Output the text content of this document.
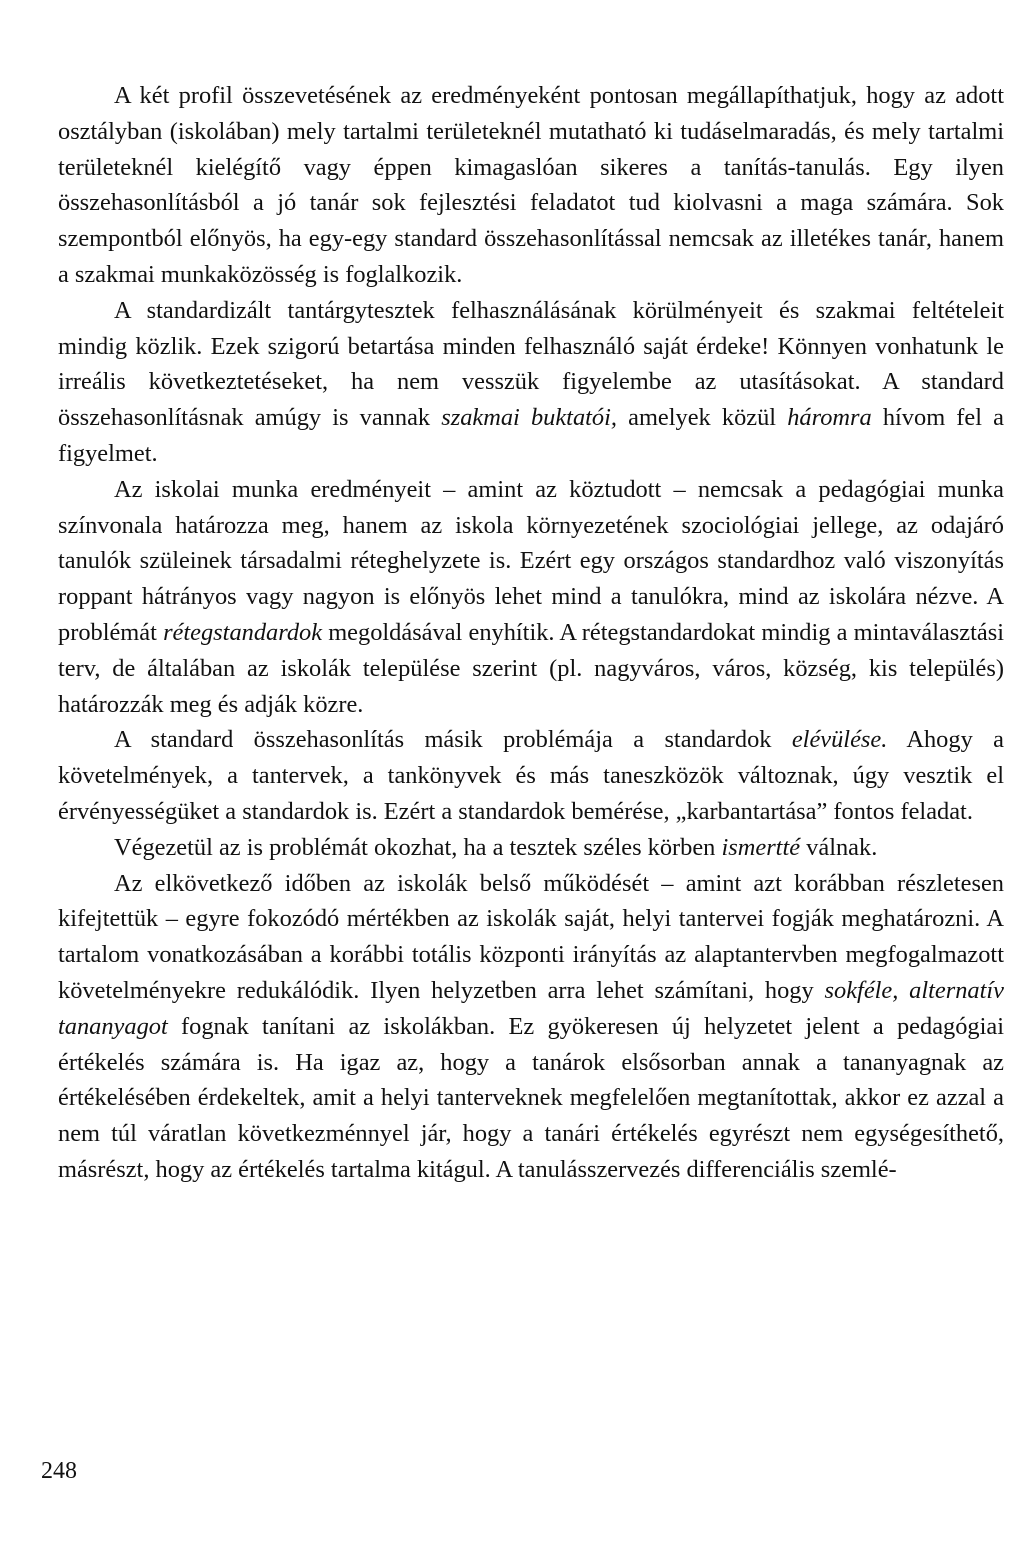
A két profil összevetésének az eredményeként pontosan megállapíthatjuk, hogy az adott osztályban (iskolában) mely tartalmi területeknél mutatható ki tudáselmaradás, és mely tartalmi területeknél kielégítő vagy éppen kimagaslóan sikeres a tanítás-tanulás. Egy ilyen összehasonlításból a jó tanár sok fejlesztési feladatot tud kiolvasni a maga számára. Sok szempontból előnyös, ha egy-egy standard összehasonlítással nemcsak az illetékes tanár, hanem a szakmai munkaközösség is foglalkozik.

A standardizált tantárgytesztek felhasználásának körülményeit és szakmai feltételeit mindig közlik. Ezek szigorú betartása minden felhasználó saját érdeke! Könnyen vonhatunk le irreális következtetéseket, ha nem vesszük figyelembe az utasításokat. A standard összehasonlításnak amúgy is vannak szakmai buktatói, amelyek közül háromra hívom fel a figyelmet.

Az iskolai munka eredményeit – amint az köztudott – nemcsak a pedagógiai munka színvonala határozza meg, hanem az iskola környezetének szociológiai jellege, az odajáró tanulók szüleinek társadalmi réteghelyzete is. Ezért egy országos standardhoz való viszonyítás roppant hátrányos vagy nagyon is előnyös lehet mind a tanulókra, mind az iskolára nézve. A problémát rétegstandardok megoldásával enyhítik. A rétegstandardokat mindig a mintaválasztási terv, de általában az iskolák települése szerint (pl. nagyváros, város, község, kis település) határozzák meg és adják közre.

A standard összehasonlítás másik problémája a standardok elévülése. Ahogy a követelmények, a tantervek, a tankönyvek és más taneszközök változnak, úgy vesztik el érvényességüket a standardok is. Ezért a standardok bemérése, „karbantartása” fontos feladat.

Végezetül az is problémát okozhat, ha a tesztek széles körben ismertté válnak.

Az elkövetkező időben az iskolák belső működését – amint azt korábban részletesen kifejtettük – egyre fokozódó mértékben az iskolák saját, helyi tantervei fogják meghatározni. A tartalom vonatkozásában a korábbi totális központi irányítás az alaptantervben megfogalmazott követelményekre redukálódik. Ilyen helyzetben arra lehet számítani, hogy sokféle, alternatív tananyagot fognak tanítani az iskolákban. Ez gyökeresen új helyzetet jelent a pedagógiai értékelés számára is. Ha igaz az, hogy a tanárok elsősorban annak a tananyagnak az értékelésében érdekeltek, amit a helyi tanterveknek megfelelően megtanítottak, akkor ez azzal a nem túl váratlan következménnyel jár, hogy a tanári értékelés egyrészt nem egységesíthető, másrészt, hogy az értékelés tartalma kitágul. A tanulásszervezés differenciális szemlé-

248
